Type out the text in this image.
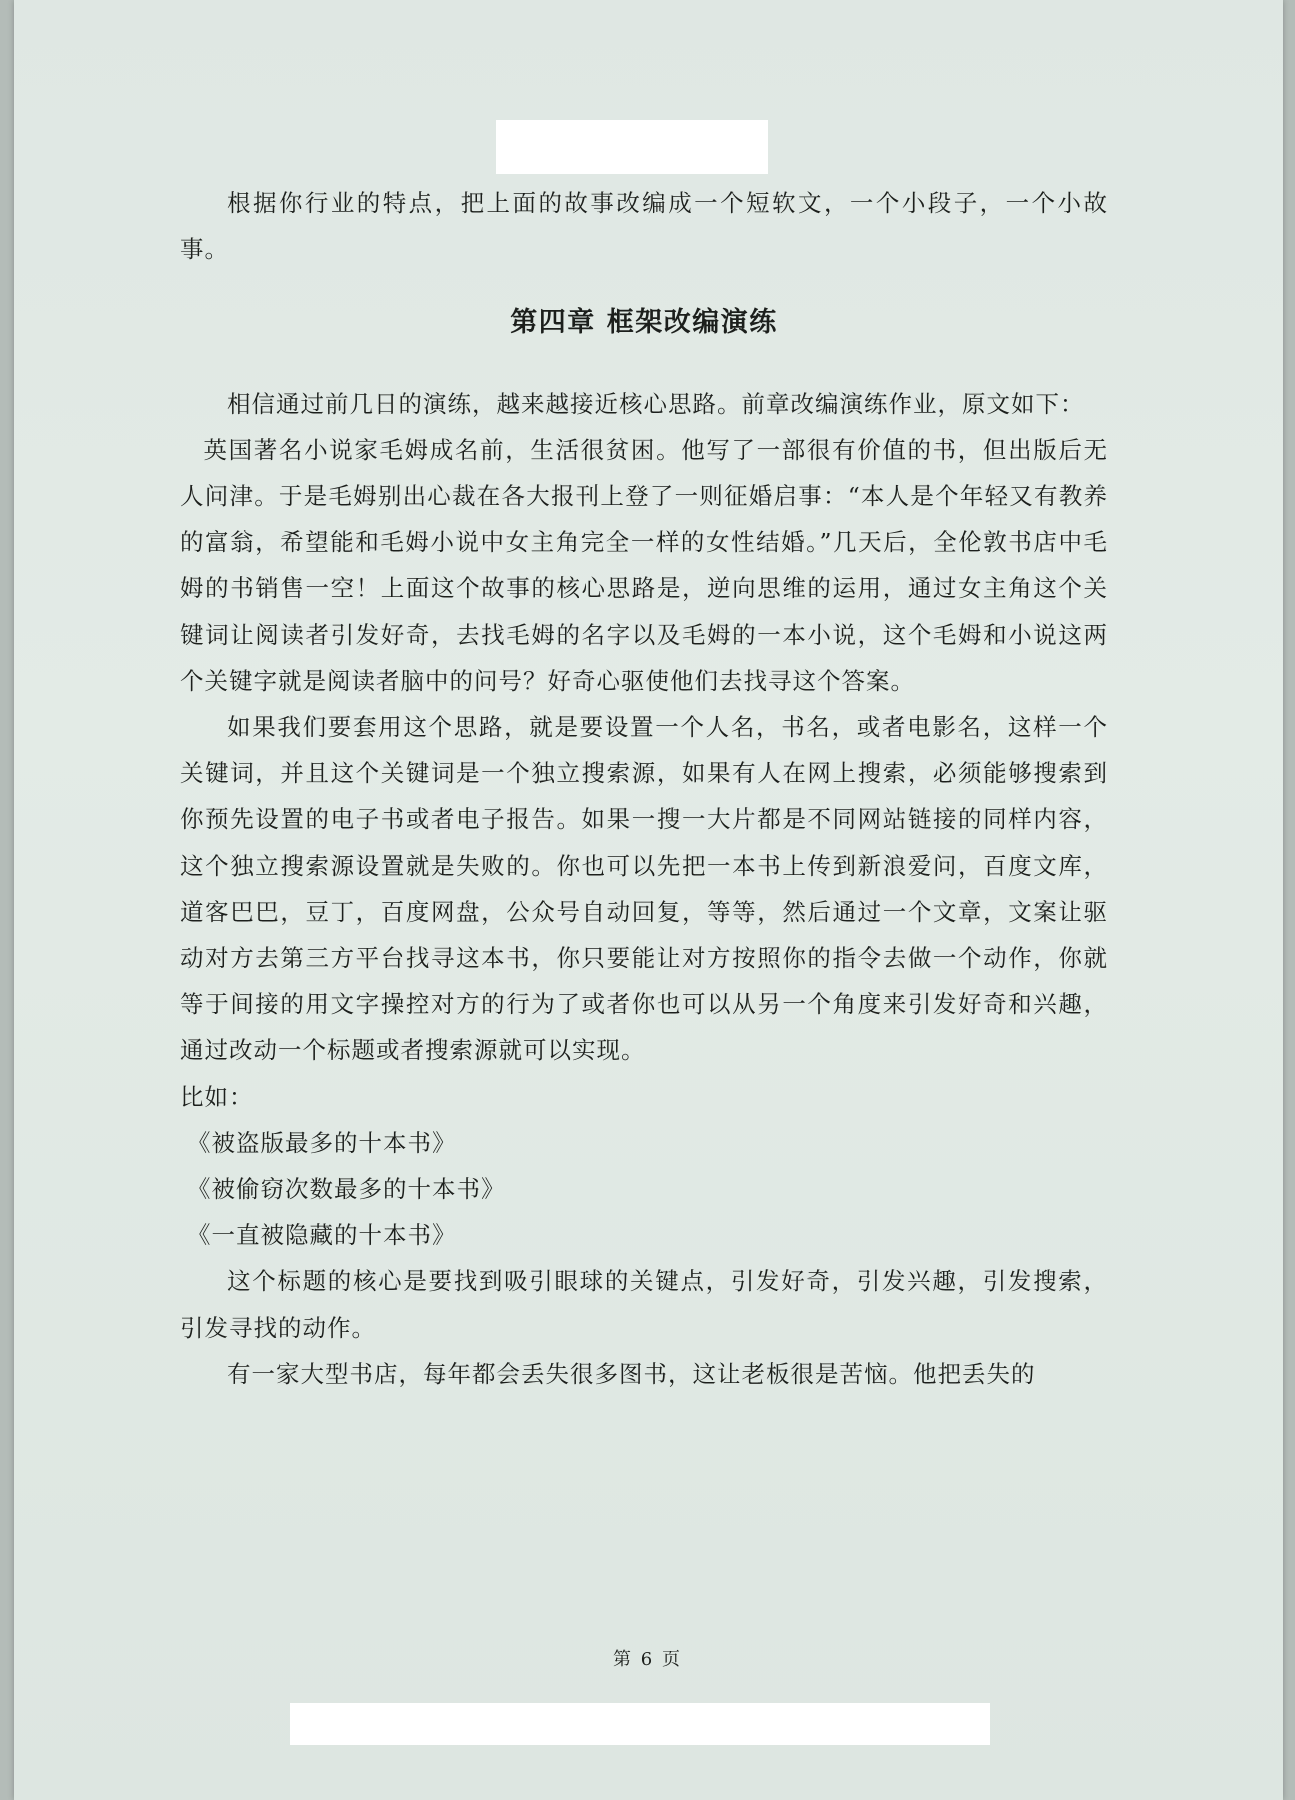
根据你行业的特点，把上面的故事改编成一个短软文，一个小段子，一个小故事。

第四章 框架改编演练

相信通过前几日的演练，越来越接近核心思路。前章改编演练作业，原文如下：

英国著名小说家毛姆成名前，生活很贫困。他写了一部很有价值的书，但出版后无人问津。于是毛姆别出心裁在各大报刊上登了一则征婚启事：“本人是个年轻又有教养的富翁，希望能和毛姆小说中女主角完全一样的女性结婚。”几天后，全伦敦书店中毛姆的书销售一空！上面这个故事的核心思路是，逆向思维的运用，通过女主角这个关键词让阅读者引发好奇，去找毛姆的名字以及毛姆的一本小说，这个毛姆和小说这两个关键字就是阅读者脑中的问号？好奇心驱使他们去找寻这个答案。

如果我们要套用这个思路，就是要设置一个人名，书名，或者电影名，这样一个关键词，并且这个关键词是一个独立搜索源，如果有人在网上搜索，必须能够搜索到你预先设置的电子书或者电子报告。如果一搜一大片都是不同网站链接的同样内容，这个独立搜索源设置就是失败的。你也可以先把一本书上传到新浪爱问，百度文库，道客巴巴，豆丁，百度网盘，公众号自动回复，等等，然后通过一个文章，文案让驱动对方去第三方平台找寻这本书，你只要能让对方按照你的指令去做一个动作，你就等于间接的用文字操控对方的行为了或者你也可以从另一个角度来引发好奇和兴趣，通过改动一个标题或者搜索源就可以实现。

比如：

《被盗版最多的十本书》

《被偷窃次数最多的十本书》

《一直被隐藏的十本书》

这个标题的核心是要找到吸引眼球的关键点，引发好奇，引发兴趣，引发搜索，引发寻找的动作。

有一家大型书店，每年都会丢失很多图书，这让老板很是苦恼。他把丢失的

第 6 页
